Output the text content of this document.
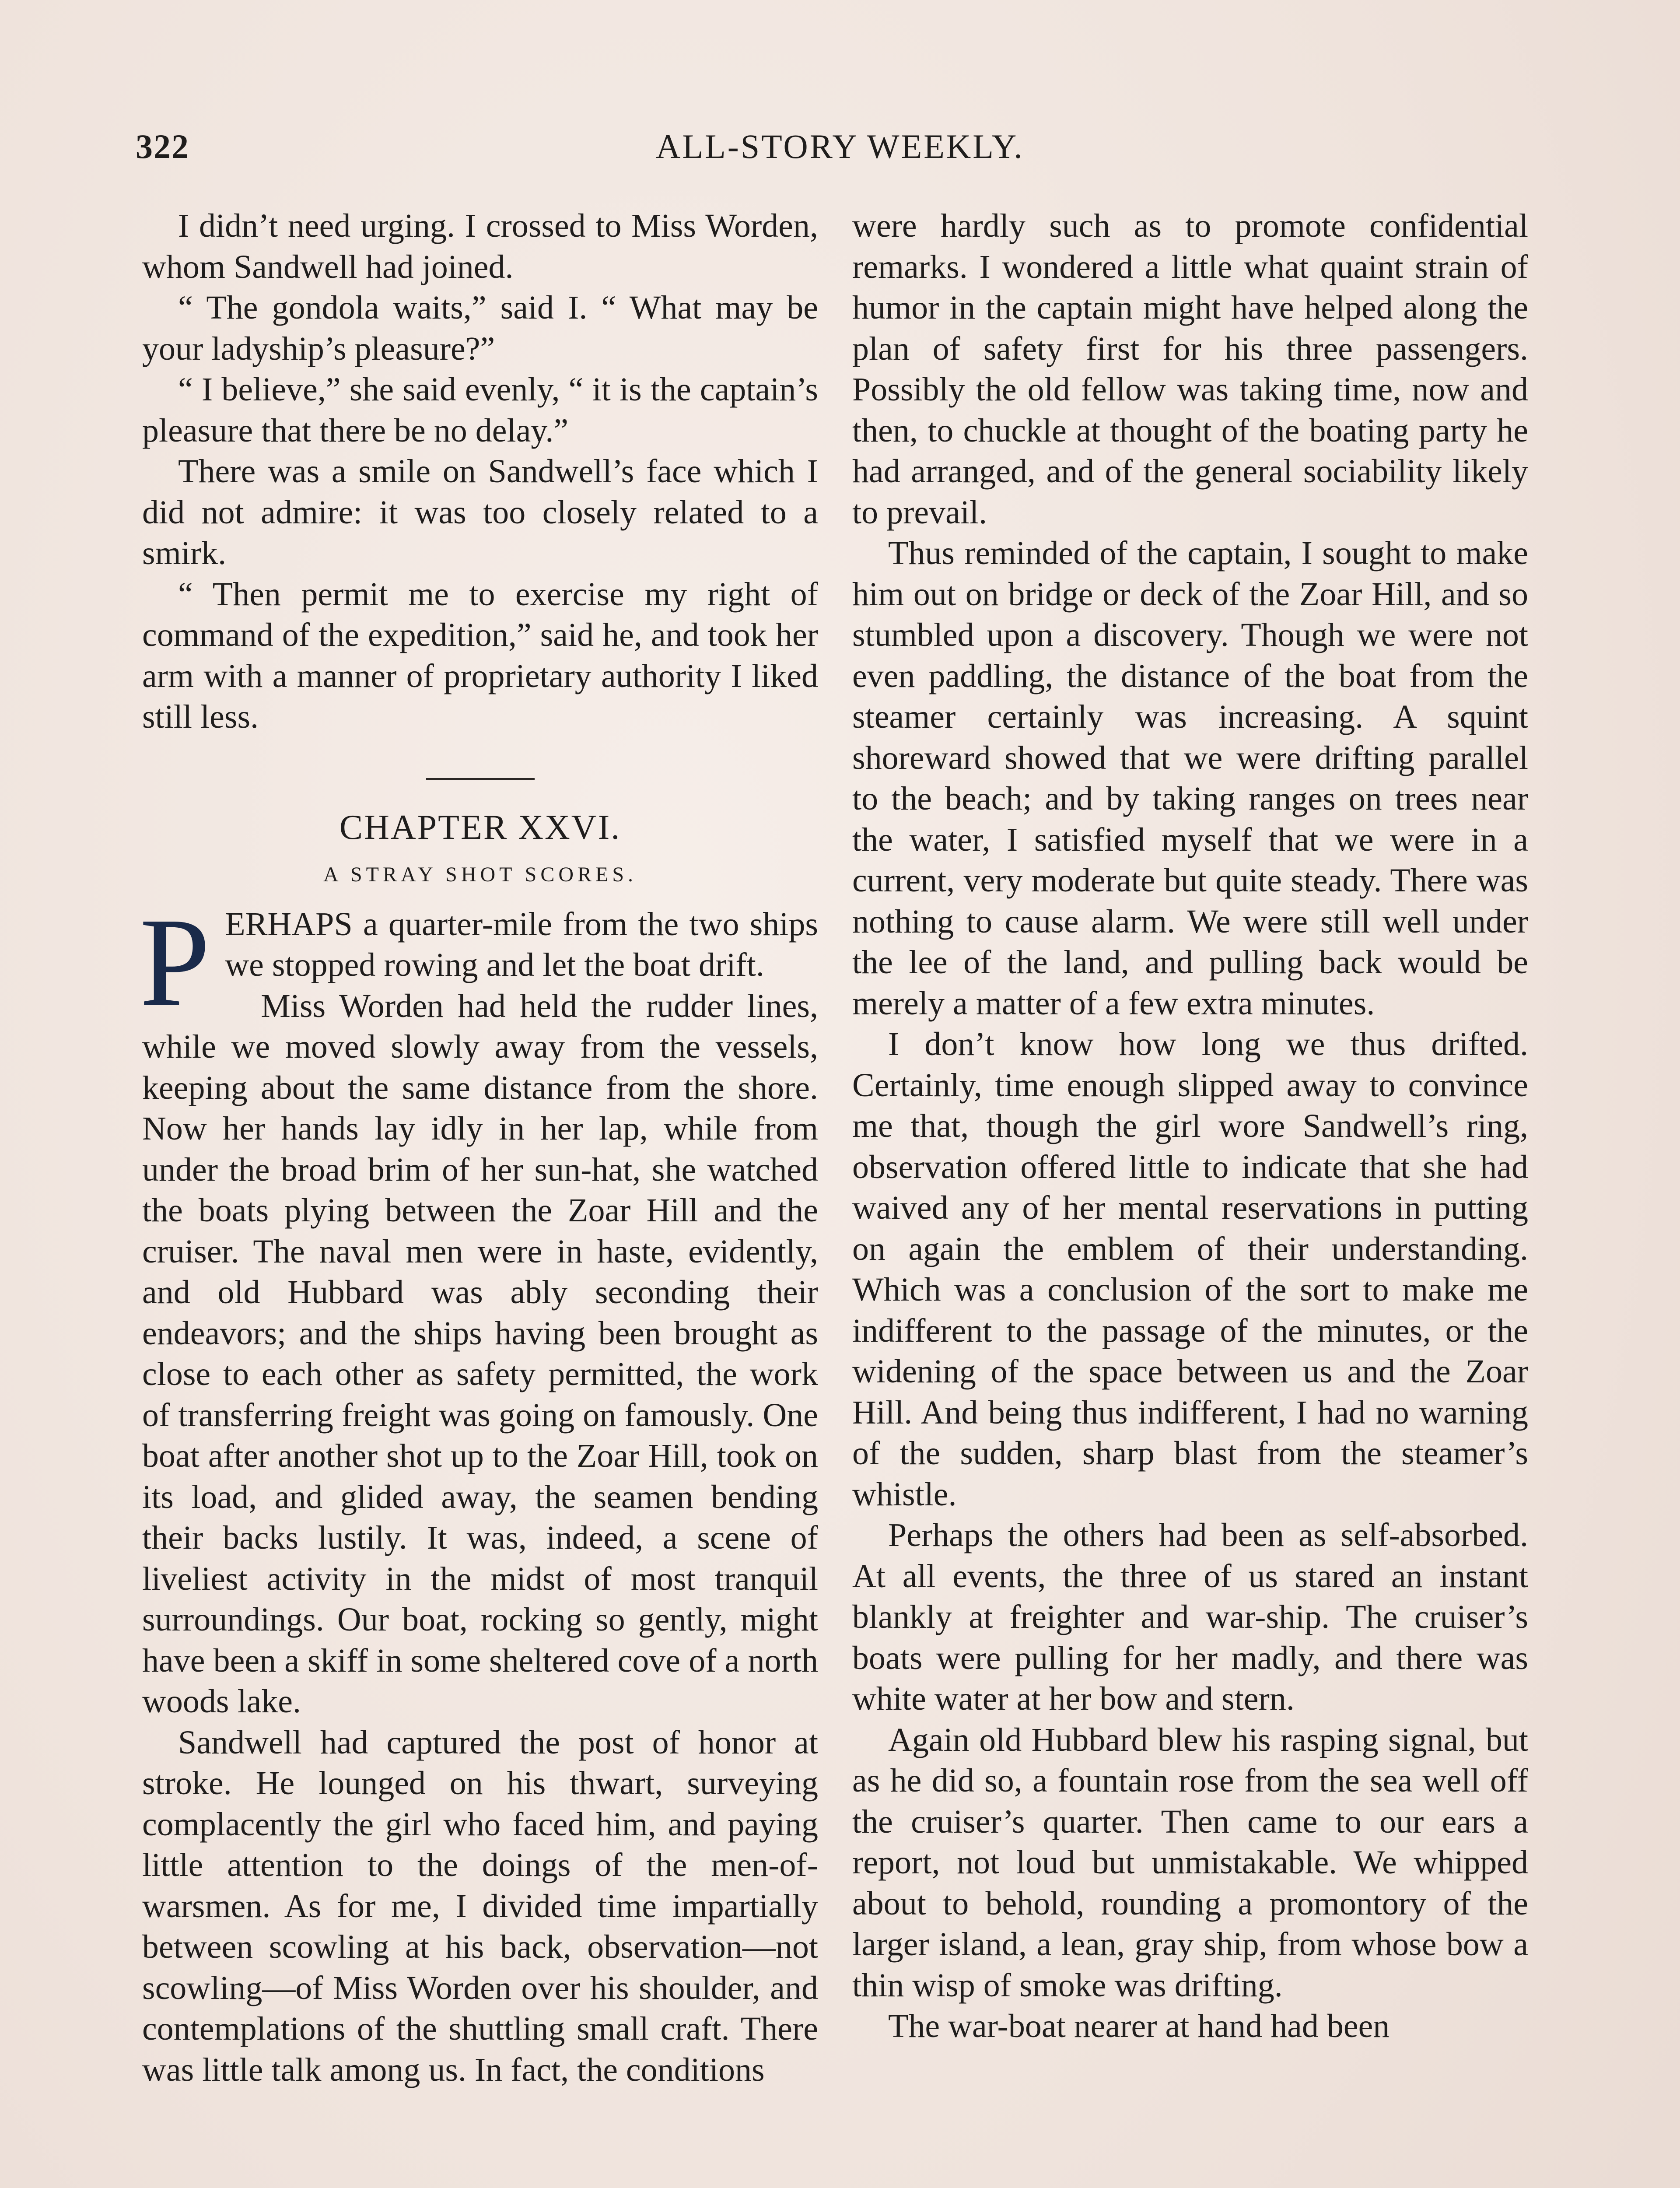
322	ALL-STORY WEEKLY.

I didn’t need urging. I crossed to Miss Worden, whom Sandwell had joined.

“ The gondola waits,” said I. “ What may be your ladyship’s pleasure?”

“ I believe,” she said evenly, “ it is the captain’s pleasure that there be no delay.”

There was a smile on Sandwell’s face which I did not admire: it was too closely related to a smirk.

“ Then permit me to exercise my right of command of the expedition,” said he, and took her arm with a manner of proprietary authority I liked still less.

CHAPTER XXVI.
A STRAY SHOT SCORES.

PERHAPS a quarter-mile from the two ships we stopped rowing and let the boat drift.

Miss Worden had held the rudder lines, while we moved slowly away from the vessels, keeping about the same distance from the shore. Now her hands lay idly in her lap, while from under the broad brim of her sun-hat, she watched the boats plying between the Zoar Hill and the cruiser. The naval men were in haste, evidently, and old Hubbard was ably seconding their endeavors; and the ships having been brought as close to each other as safety permitted, the work of transferring freight was going on famously. One boat after another shot up to the Zoar Hill, took on its load, and glided away, the seamen bending their backs lustily. It was, indeed, a scene of liveliest activity in the midst of most tranquil surroundings. Our boat, rocking so gently, might have been a skiff in some sheltered cove of a north woods lake.

Sandwell had captured the post of honor at stroke. He lounged on his thwart, surveying complacently the girl who faced him, and paying little attention to the doings of the men-of-warsmen. As for me, I divided time impartially between scowling at his back, observation—not scowling—of Miss Worden over his shoulder, and contemplations of the shuttling small craft. There was little talk among us. In fact, the conditions

were hardly such as to promote confidential remarks. I wondered a little what quaint strain of humor in the captain might have helped along the plan of safety first for his three passengers. Possibly the old fellow was taking time, now and then, to chuckle at thought of the boating party he had arranged, and of the general sociability likely to prevail.

Thus reminded of the captain, I sought to make him out on bridge or deck of the Zoar Hill, and so stumbled upon a discovery. Though we were not even paddling, the distance of the boat from the steamer certainly was increasing. A squint shoreward showed that we were drifting parallel to the beach; and by taking ranges on trees near the water, I satisfied myself that we were in a current, very moderate but quite steady. There was nothing to cause alarm. We were still well under the lee of the land, and pulling back would be merely a matter of a few extra minutes.

I don’t know how long we thus drifted. Certainly, time enough slipped away to convince me that, though the girl wore Sandwell’s ring, observation offered little to indicate that she had waived any of her mental reservations in putting on again the emblem of their understanding. Which was a conclusion of the sort to make me indifferent to the passage of the minutes, or the widening of the space between us and the Zoar Hill. And being thus indifferent, I had no warning of the sudden, sharp blast from the steamer’s whistle.

Perhaps the others had been as self-absorbed. At all events, the three of us stared an instant blankly at freighter and war-ship. The cruiser’s boats were pulling for her madly, and there was white water at her bow and stern.

Again old Hubbard blew his rasping signal, but as he did so, a fountain rose from the sea well off the cruiser’s quarter. Then came to our ears a report, not loud but unmistakable. We whipped about to behold, rounding a promontory of the larger island, a lean, gray ship, from whose bow a thin wisp of smoke was drifting.

The war-boat nearer at hand had been
